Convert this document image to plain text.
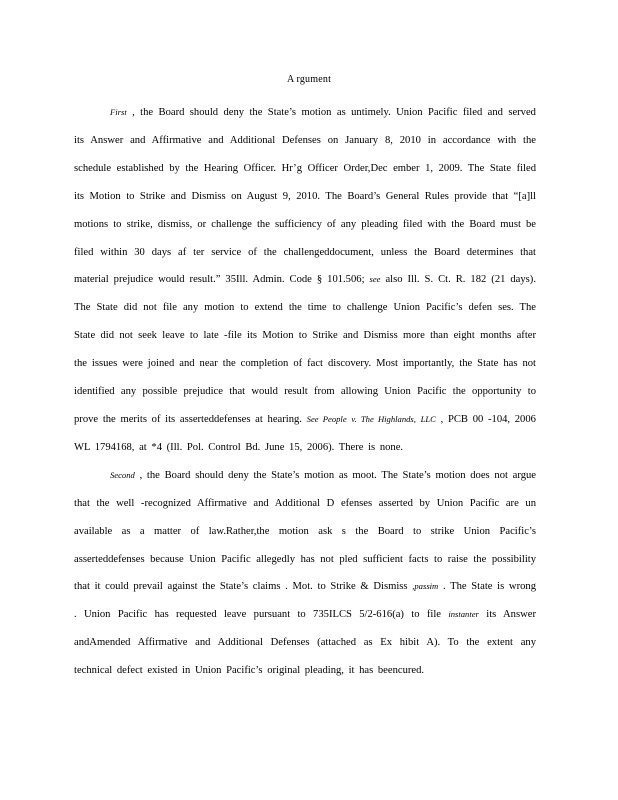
A rgument

First , the Board should deny the State’s motion as untimely. Union Pacific filed and served its Answer and Affirmative and Additional Defenses on January 8, 2010 in accordance with the schedule established by the Hearing Officer. Hr’g Officer Order,Dec ember 1, 2009. The State filed its Motion to Strike and Dismiss on August 9, 2010. The Board’s General Rules provide that “[a]ll motions to strike, dismiss, or challenge the sufficiency of any pleading filed with the Board must be filed within 30 days af ter service of the challengeddocument, unless the Board determines that material prejudice would result.” 35Ill. Admin. Code § 101.506; see also Ill. S. Ct. R. 182 (21 days). The State did not file any motion to extend the time to challenge Union Pacific’s defen ses. The State did not seek leave to late -file its Motion to Strike and Dismiss more than eight months after the issues were joined and near the completion of fact discovery. Most importantly, the State has not identified any possible prejudice that would result from allowing Union Pacific the opportunity to prove the merits of its asserteddefenses at hearing. See People v. The Highlands, LLC , PCB 00 -104, 2006 WL 1794168, at *4 (Ill. Pol. Control Bd. June 15, 2006). There is none.

Second , the Board should deny the State’s motion as moot. The State’s motion does not argue that the well -recognized Affirmative and Additional D efenses asserted by Union Pacific are un available as a matter of law.Rather,the motion ask s the Board to strike Union Pacific’s asserteddefenses because Union Pacific allegedly has not pled sufficient facts to raise the possibility that it could prevail against the State’s claims . Mot. to Strike & Dismiss ,passim . The State is wrong . Union Pacific has requested leave pursuant to 735ILCS 5/2-616(a) to file instanter its Answer andAmended Affirmative and Additional Defenses (attached as Ex hibit A). To the extent any technical defect existed in Union Pacific’s original pleading, it has beencured.
